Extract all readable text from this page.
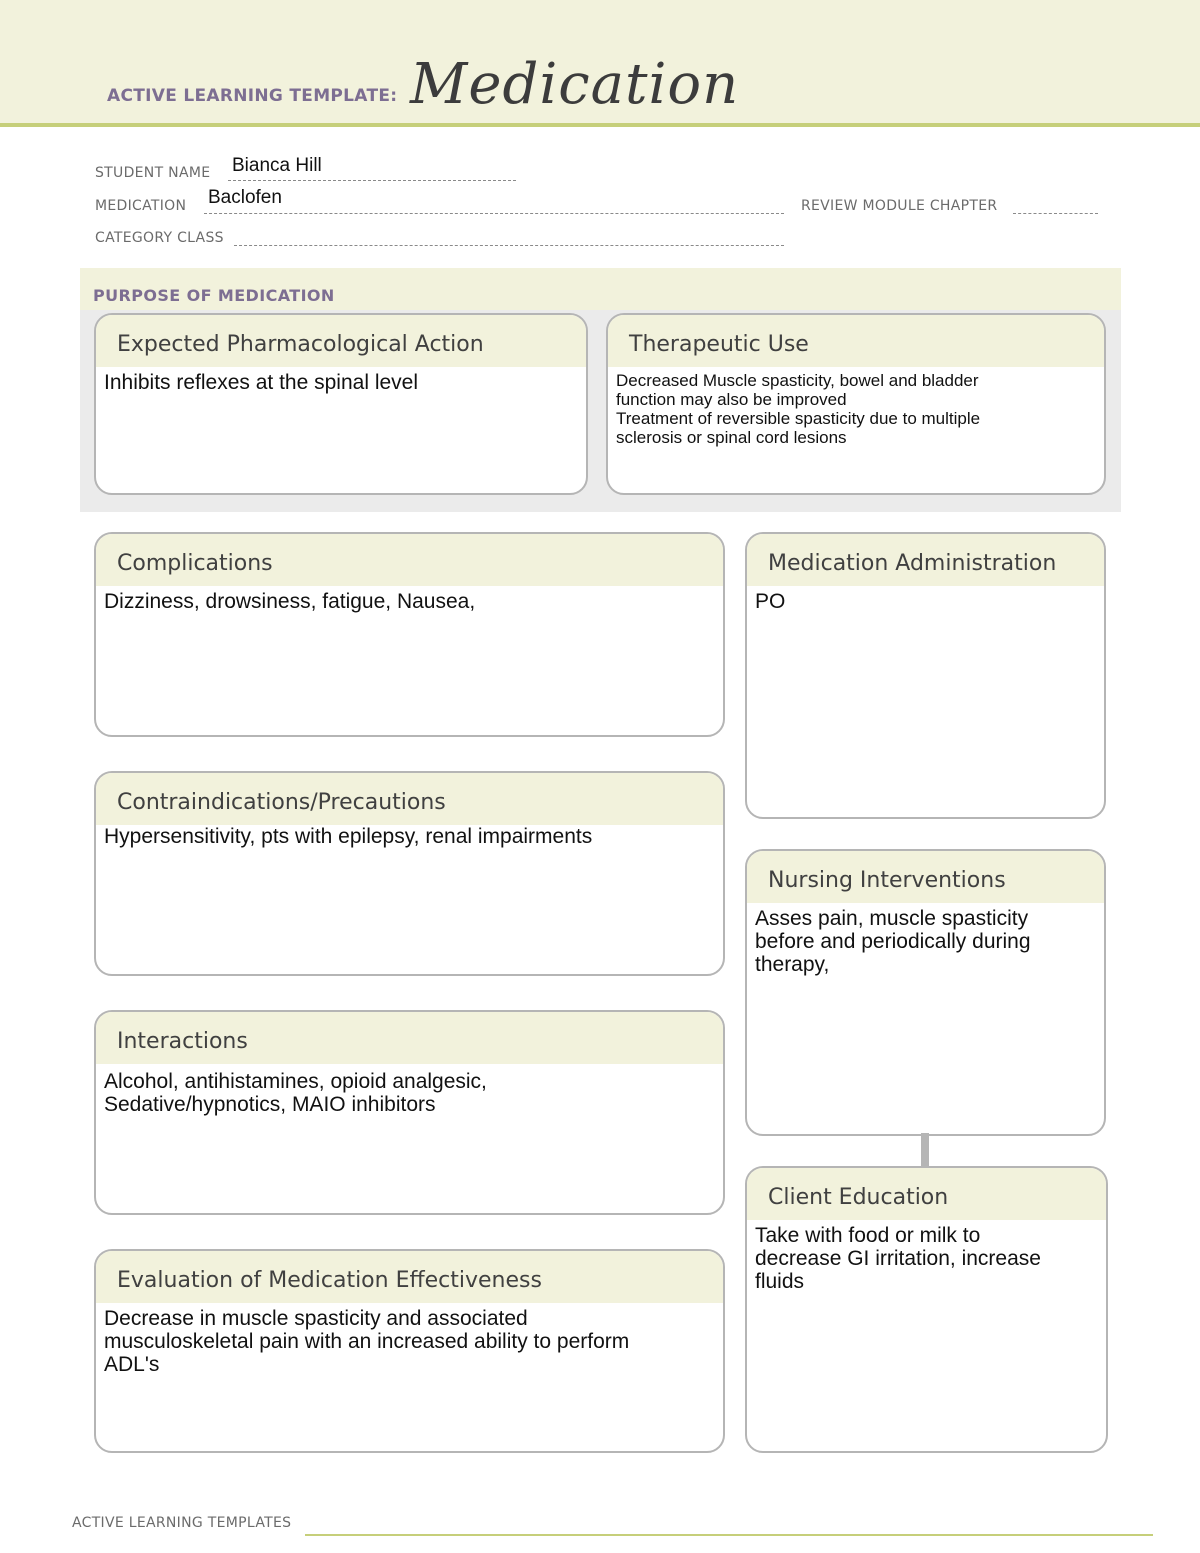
ACTIVE LEARNING TEMPLATE: Medication
STUDENT NAME Bianca Hill
MEDICATION Baclofen	REVIEW MODULE CHAPTER
CATEGORY CLASS
PURPOSE OF MEDICATION
Expected Pharmacological Action
Inhibits reflexes at the spinal level
Therapeutic Use
Decreased Muscle spasticity, bowel and bladder
function may also be improved
Treatment of reversible spasticity due to multiple
sclerosis or spinal cord lesions
Complications
Dizziness, drowsiness, fatigue, Nausea,
Contraindications/Precautions
Hypersensitivity, pts with epilepsy, renal impairments
Interactions
Alcohol, antihistamines, opioid analgesic,
Sedative/hypnotics, MAIO inhibitors
Evaluation of Medication Effectiveness
Decrease in muscle spasticity and associated
musculoskeletal pain with an increased ability to perform
ADL's
Medication Administration
PO
Nursing Interventions
Asses pain, muscle spasticity
before and periodically during
therapy,
Client Education
Take with food or milk to
decrease GI irritation, increase
fluids
ACTIVE LEARNING TEMPLATES
